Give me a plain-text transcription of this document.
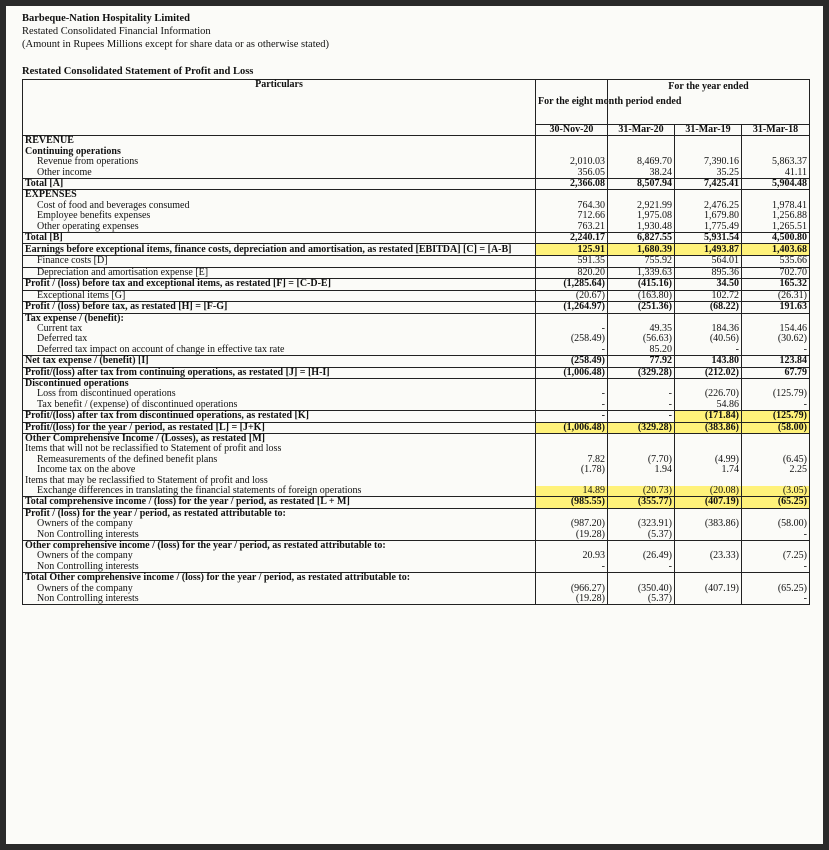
Barbeque-Nation Hospitality Limited
Restated Consolidated Financial Information
(Amount in Rupees Millions except for share data or as otherwise stated)
Restated Consolidated Statement of Profit and Loss
Particulars	For the eight month period ended	For the year ended		
	30-Nov-20	31-Mar-20	31-Mar-19	31-Mar-18
REVENUE				
Continuing operations				
Revenue from operations	2,010.03	8,469.70	7,390.16	5,863.37
Other income	356.05	38.24	35.25	41.11
Total [A]	2,366.08	8,507.94	7,425.41	5,904.48
EXPENSES				
Cost of food and beverages consumed	764.30	2,921.99	2,476.25	1,978.41
Employee benefits expenses	712.66	1,975.08	1,679.80	1,256.88
Other operating expenses	763.21	1,930.48	1,775.49	1,265.51
Total [B]	2,240.17	6,827.55	5,931.54	4,500.80
Earnings before exceptional items, finance costs, depreciation and amortisation, as restated [EBITDA] [C] = [A-B]	125.91	1,680.39	1,493.87	1,403.68
Finance costs [D]	591.35	755.92	564.01	535.66
Depreciation and amortisation expense [E]	820.20	1,339.63	895.36	702.70
Profit / (loss) before tax and exceptional items, as restated [F] = [C-D-E]	(1,285.64)	(415.16)	34.50	165.32
Exceptional items [G]	(20.67)	(163.80)	102.72	(26.31)
Profit / (loss) before tax, as restated [H] = [F-G]	(1,264.97)	(251.36)	(68.22)	191.63
Tax expense / (benefit):				
Current tax	-	49.35	184.36	154.46
Deferred tax	(258.49)	(56.63)	(40.56)	(30.62)
Deferred tax impact on account of change in effective tax rate	-	85.20	-	-
Net tax expense / (benefit) [I]	(258.49)	77.92	143.80	123.84
Profit/(loss) after tax from continuing operations, as restated [J] = [H-I]	(1,006.48)	(329.28)	(212.02)	67.79
Discontinued operations				
Loss from discontinued operations	-	-	(226.70)	(125.79)
Tax benefit / (expense) of discontinued operations	-	-	54.86	-
Profit/(loss) after tax from discontinued operations, as restated [K]	-	-	(171.84)	(125.79)
Profit/(loss) for the year / period, as restated [L] = [J+K]	(1,006.48)	(329.28)	(383.86)	(58.00)
Other Comprehensive Income / (Losses), as restated [M]				
Items that will not be reclassified to Statement of profit and loss				
Remeasurements of the defined benefit plans	7.82	(7.70)	(4.99)	(6.45)
Income tax on the above	(1.78)	1.94	1.74	2.25
Items that may be reclassified to Statement of profit and loss				
Exchange differences in translating the financial statements of foreign operations	14.89	(20.73)	(20.08)	(3.05)
Total comprehensive income / (loss) for the year / period, as restated [L + M]	(985.55)	(355.77)	(407.19)	(65.25)
Profit / (loss) for the year / period, as restated attributable to:				
Owners of the company	(987.20)	(323.91)	(383.86)	(58.00)
Non Controlling interests	(19.28)	(5.37)		-
Other comprehensive income / (loss) for the year / period, as restated attributable to:				
Owners of the company	20.93	(26.49)	(23.33)	(7.25)
Non Controlling interests	-	-		-
Total Other comprehensive income / (loss) for the year / period, as restated attributable to:				
Owners of the company	(966.27)	(350.40)	(407.19)	(65.25)
Non Controlling interests	(19.28)	(5.37)		-
